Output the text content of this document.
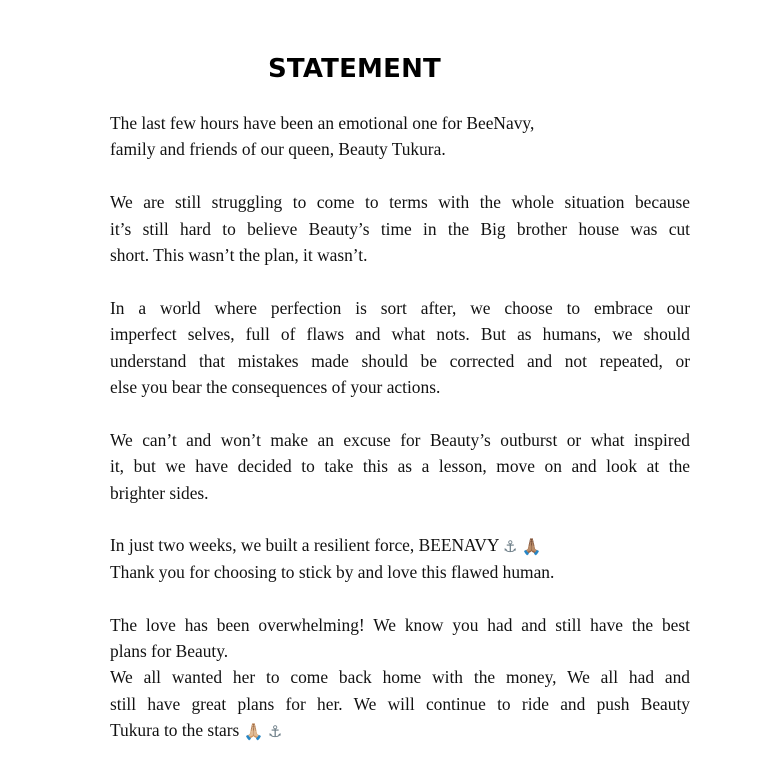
STATEMENT

The last few hours have been an emotional one for BeeNavy,
family and friends of our queen, Beauty Tukura.

We are still struggling to come to terms with the whole situation because
it’s still hard to believe Beauty’s time in the Big brother house was cut
short. This wasn’t the plan, it wasn’t.

In a world where perfection is sort after, we choose to embrace our
imperfect selves, full of flaws and what nots. But as humans, we should
understand that mistakes made should be corrected and not repeated, or
else you bear the consequences of your actions.

We can’t and won’t make an excuse for Beauty’s outburst or what inspired
it, but we have decided to take this as a lesson, move on and look at the
brighter sides.

In just two weeks, we built a resilient force, BEENAVY ⚓ 🙏🏽
Thank you for choosing to stick by and love this flawed human.

The love has been overwhelming! We know you had and still have the best
plans for Beauty.
We all wanted her to come back home with the money, We all had and
still have great plans for her. We will continue to ride and push Beauty
Tukura to the stars 🙏🏼 ⚓
